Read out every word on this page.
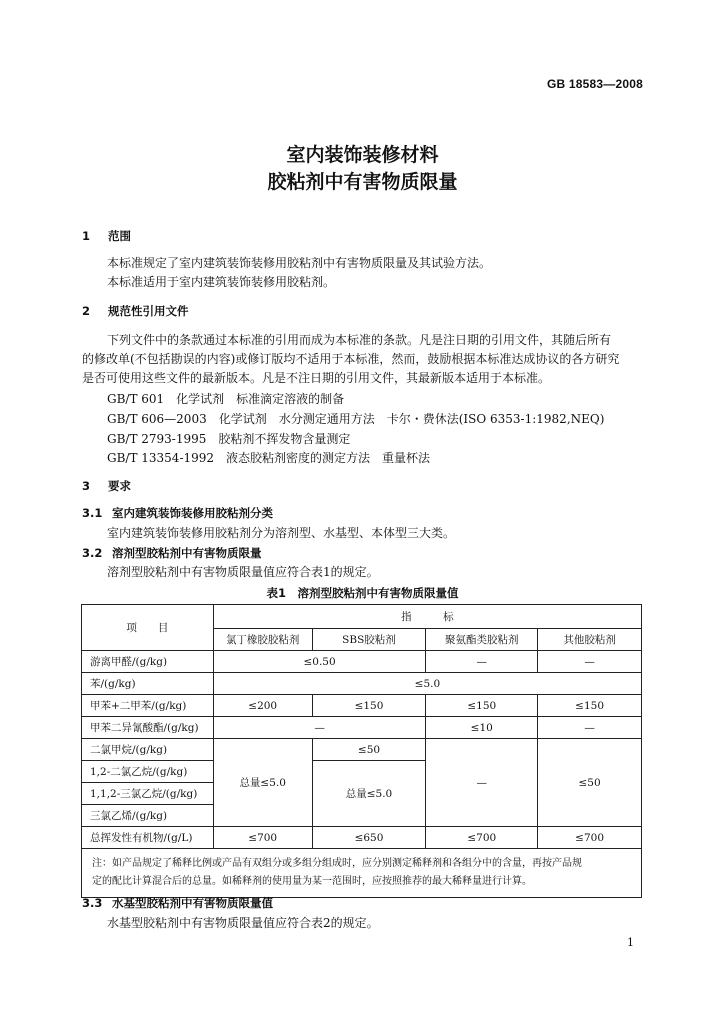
GB 18583—2008
室内装饰装修材料
胶粘剂中有害物质限量
1 范围
本标准规定了室内建筑装饰装修用胶粘剂中有害物质限量及其试验方法。
本标准适用于室内建筑装饰装修用胶粘剂。
2 规范性引用文件
下列文件中的条款通过本标准的引用而成为本标准的条款。凡是注日期的引用文件，其随后所有
的修改单(不包括勘误的内容)或修订版均不适用于本标准，然而，鼓励根据本标准达成协议的各方研究
是否可使用这些文件的最新版本。凡是不注日期的引用文件，其最新版本适用于本标准。
GB/T 601　化学试剂　标准滴定溶液的制备
GB/T 606—2003　化学试剂　水分测定通用方法　卡尔・费休法(ISO 6353-1:1982,NEQ)
GB/T 2793-1995　胶粘剂不挥发物含量测定
GB/T 13354-1992　液态胶粘剂密度的测定方法　重量杯法
3 要求
3.1 室内建筑装饰装修用胶粘剂分类
室内建筑装饰装修用胶粘剂分为溶剂型、水基型、本体型三大类。
3.2 溶剂型胶粘剂中有害物质限量
溶剂型胶粘剂中有害物质限量值应符合表1的规定。
表1　溶剂型胶粘剂中有害物质限量值
项　　目	指　　　标			
	氯丁橡胶胶粘剂	SBS胶粘剂	聚氨酯类胶粘剂	其他胶粘剂
游离甲醛/(g/kg)	≤0.50		—	—
苯/(g/kg)	≤5.0			
甲苯+二甲苯/(g/kg)	≤200	≤150	≤150	≤150
甲苯二异氰酸酯/(g/kg)	—		≤10	—
二氯甲烷/(g/kg)	总量≤5.0	≤50	—	≤50
1,2-二氯乙烷/(g/kg)		总量≤5.0		
1,1,2-三氯乙烷/(g/kg)				
三氯乙烯/(g/kg)				
总挥发性有机物/(g/L)	≤700	≤650	≤700	≤700

注：如产品规定了稀释比例或产品有双组分或多组分组成时，应分别测定稀释剂和各组分中的含量，再按产品规
定的配比计算混合后的总量。如稀释剂的使用量为某一范围时，应按照推荐的最大稀释量进行计算。				
3.3 水基型胶粘剂中有害物质限量值
水基型胶粘剂中有害物质限量值应符合表2的规定。
1
